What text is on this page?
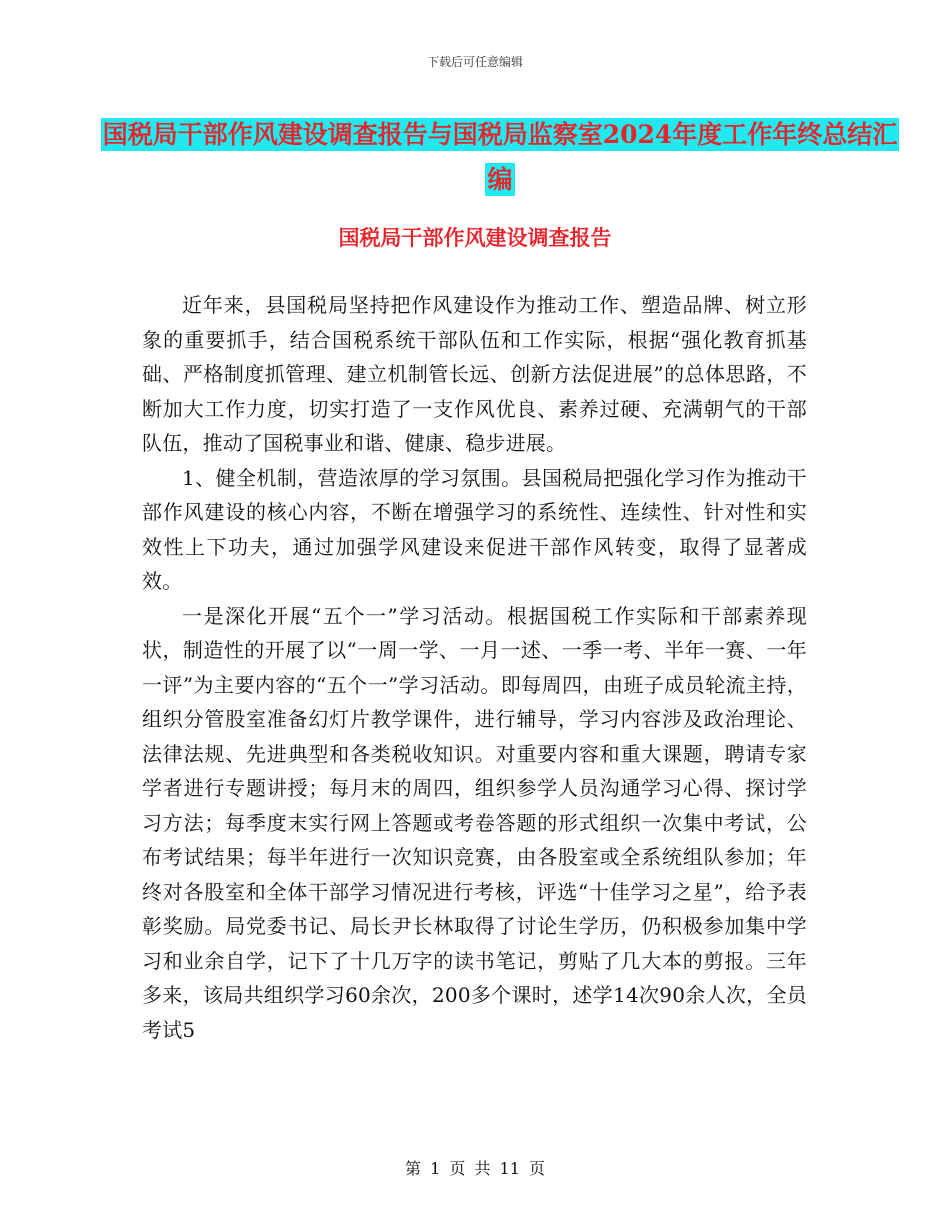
下载后可任意编辑
国税局干部作风建设调查报告与国税局监察室2024年度工作年终总结汇编
国税局干部作风建设调查报告

近年来，县国税局坚持把作风建设作为推动工作、塑造品牌、树立形象的重要抓手，结合国税系统干部队伍和工作实际，根据“强化教育抓基础、严格制度抓管理、建立机制管长远、创新方法促进展”的总体思路，不断加大工作力度，切实打造了一支作风优良、素养过硬、充满朝气的干部队伍，推动了国税事业和谐、健康、稳步进展。

1、健全机制，营造浓厚的学习氛围。县国税局把强化学习作为推动干部作风建设的核心内容，不断在增强学习的系统性、连续性、针对性和实效性上下功夫，通过加强学风建设来促进干部作风转变，取得了显著成效。

一是深化开展“五个一”学习活动。根据国税工作实际和干部素养现状，制造性的开展了以“一周一学、一月一述、一季一考、半年一赛、一年一评”为主要内容的“五个一”学习活动。即每周四，由班子成员轮流主持，组织分管股室准备幻灯片教学课件，进行辅导，学习内容涉及政治理论、法律法规、先进典型和各类税收知识。对重要内容和重大课题，聘请专家学者进行专题讲授；每月末的周四，组织参学人员沟通学习心得、探讨学习方法；每季度末实行网上答题或考卷答题的形式组织一次集中考试，公布考试结果；每半年进行一次知识竞赛，由各股室或全系统组队参加；年终对各股室和全体干部学习情况进行考核，评选“十佳学习之星”，给予表彰奖励。局党委书记、局长尹长林取得了讨论生学历，仍积极参加集中学习和业余自学，记下了十几万字的读书笔记，剪贴了几大本的剪报。三年多来，该局共组织学习60余次，200多个课时，述学14次90余人次，全员考试5

第 1 页 共 11 页
